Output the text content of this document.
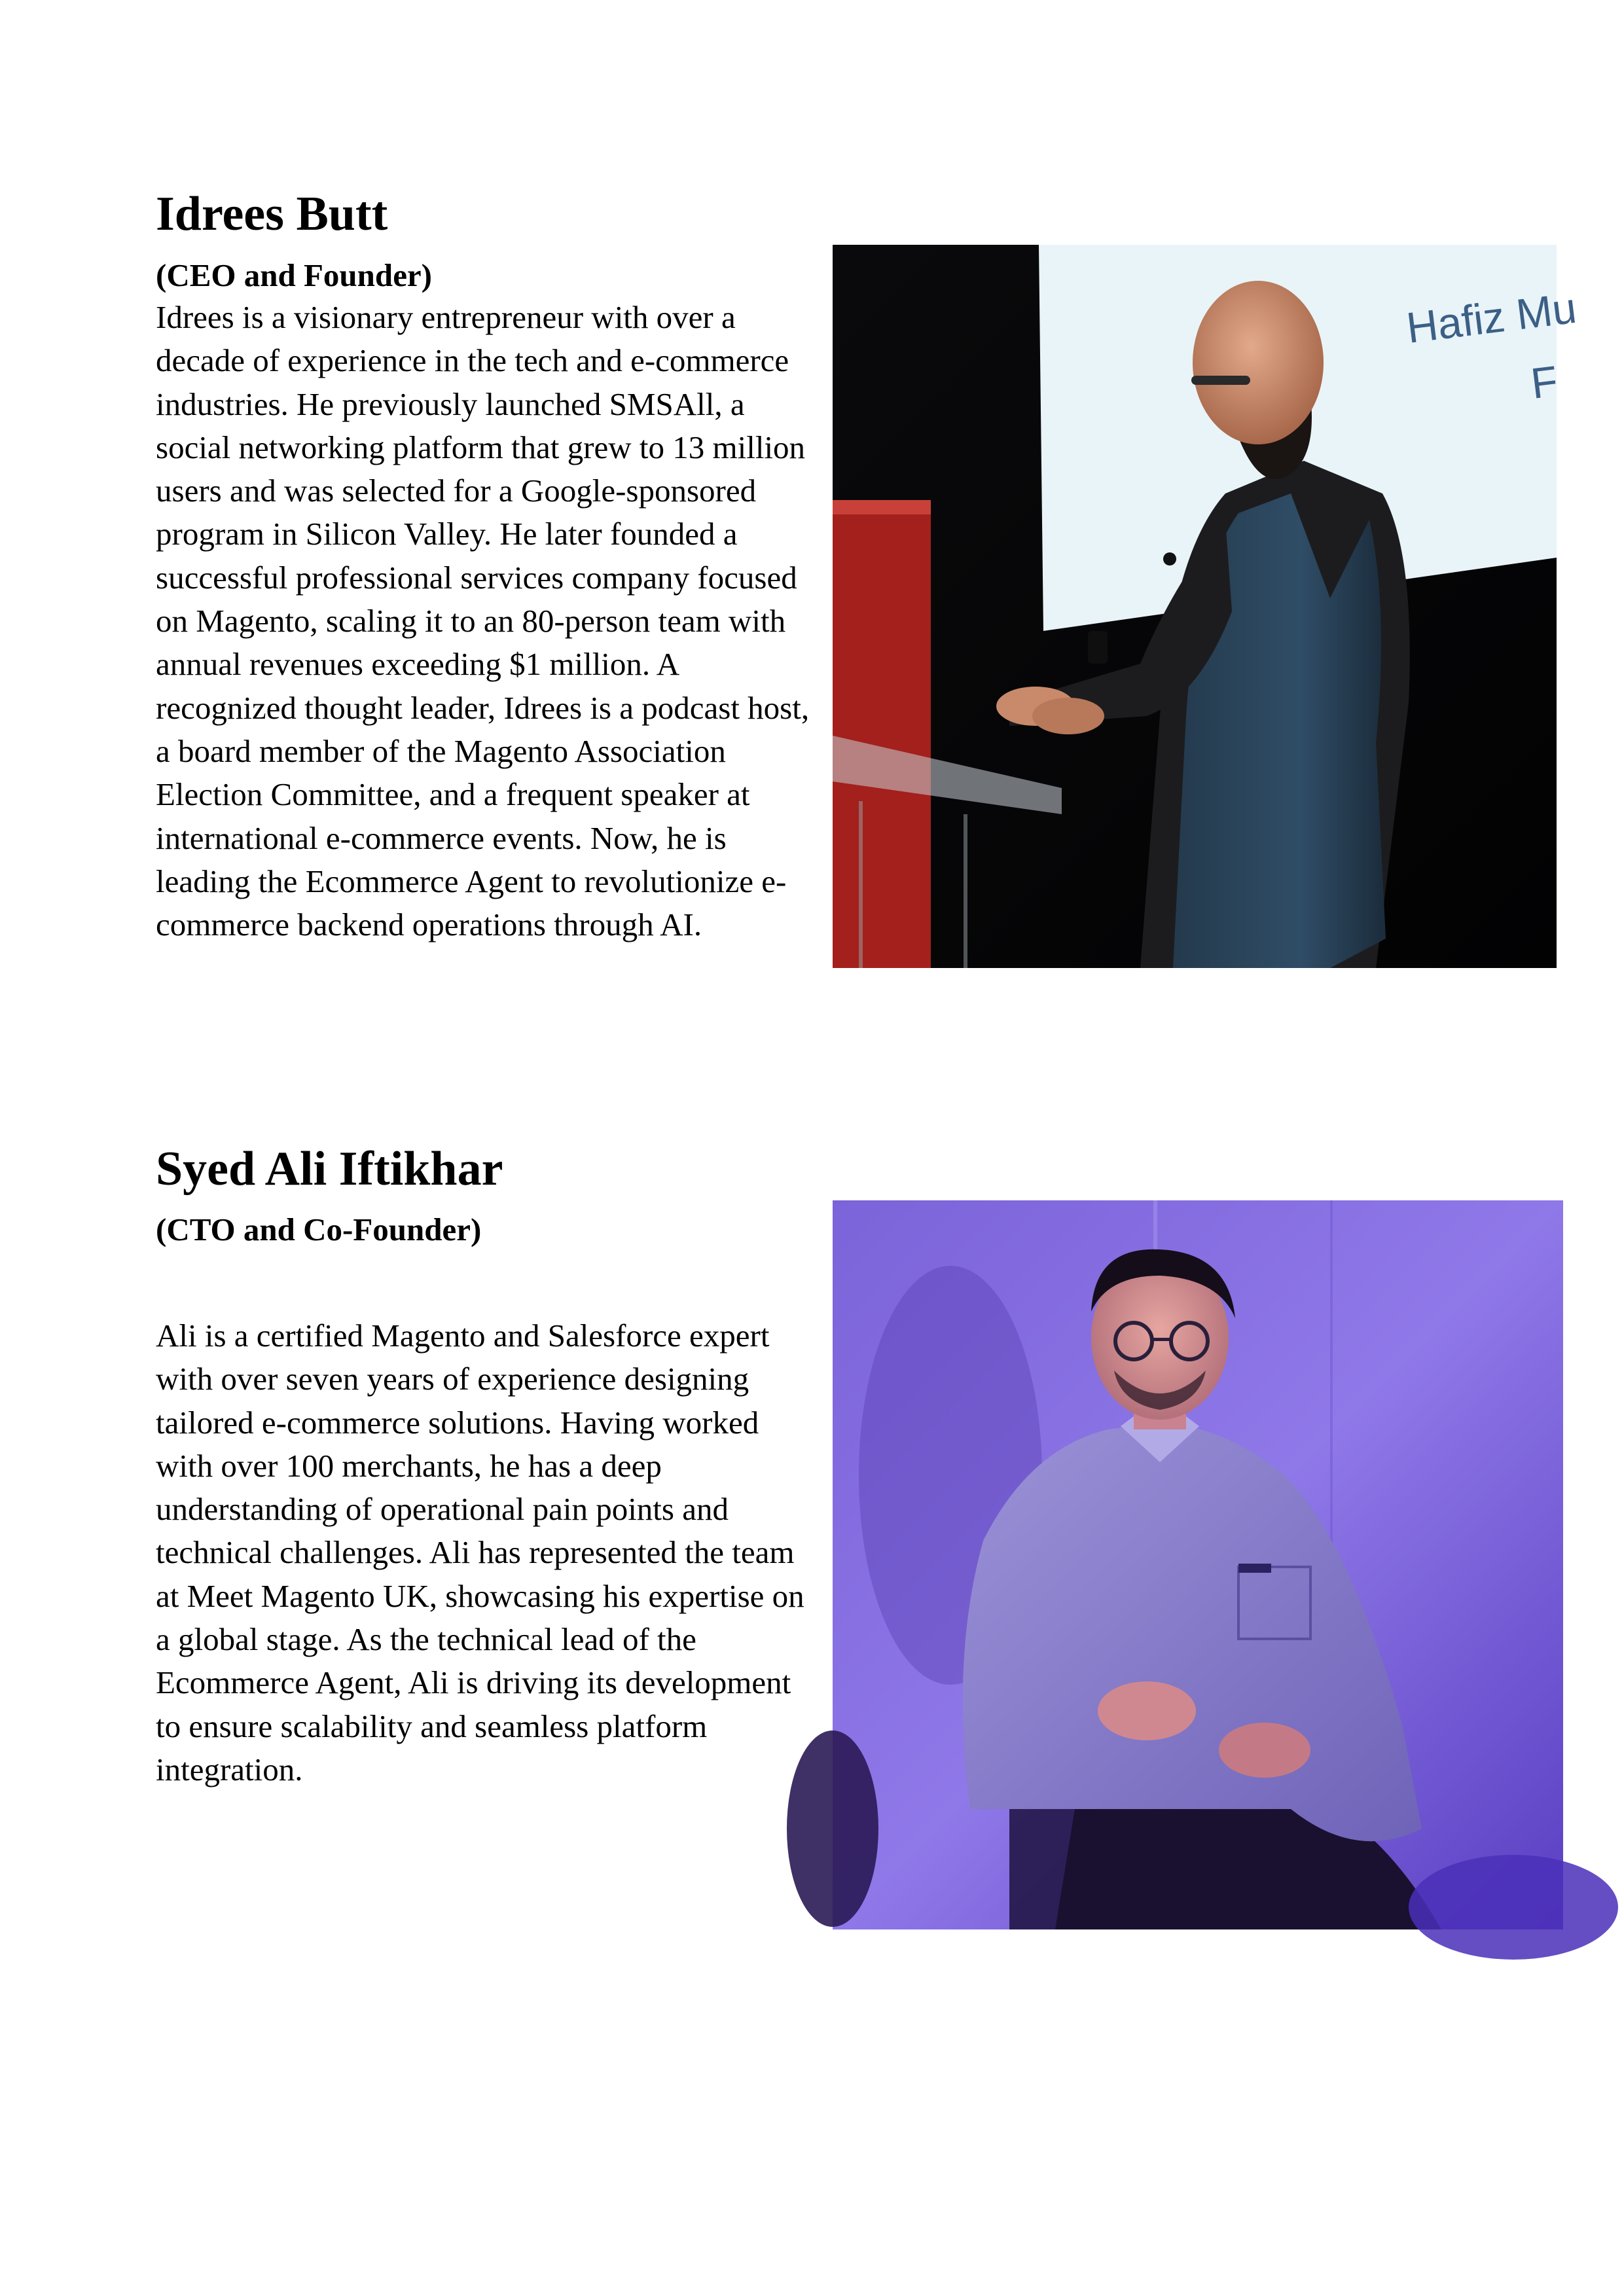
Idrees Butt
(CEO and Founder)

Idrees is a visionary entrepreneur with over a decade of experience in the tech and e-commerce industries. He previously launched SMSAll, a social networking platform that grew to 13 million users and was selected for a Google-sponsored program in Silicon Valley. He later founded a successful professional services company focused on Magento, scaling it to an 80-person team with annual revenues exceeding $1 million. A recognized thought leader, Idrees is a podcast host, a board member of the Magento Association Election Committee, and a frequent speaker at international e-commerce events. Now, he is leading the Ecommerce Agent to revolutionize e-commerce backend operations through AI.

Hafiz Mu
F
Syed Ali Iftikhar
(CTO and Co-Founder)

Ali is a certified Magento and Salesforce expert with over seven years of experience designing tailored e-commerce solutions. Having worked with over 100 merchants, he has a deep understanding of operational pain points and technical challenges. Ali has represented the team at Meet Magento UK, showcasing his expertise on a global stage. As the technical lead of the Ecommerce Agent, Ali is driving its development to ensure scalability and seamless platform integration.
